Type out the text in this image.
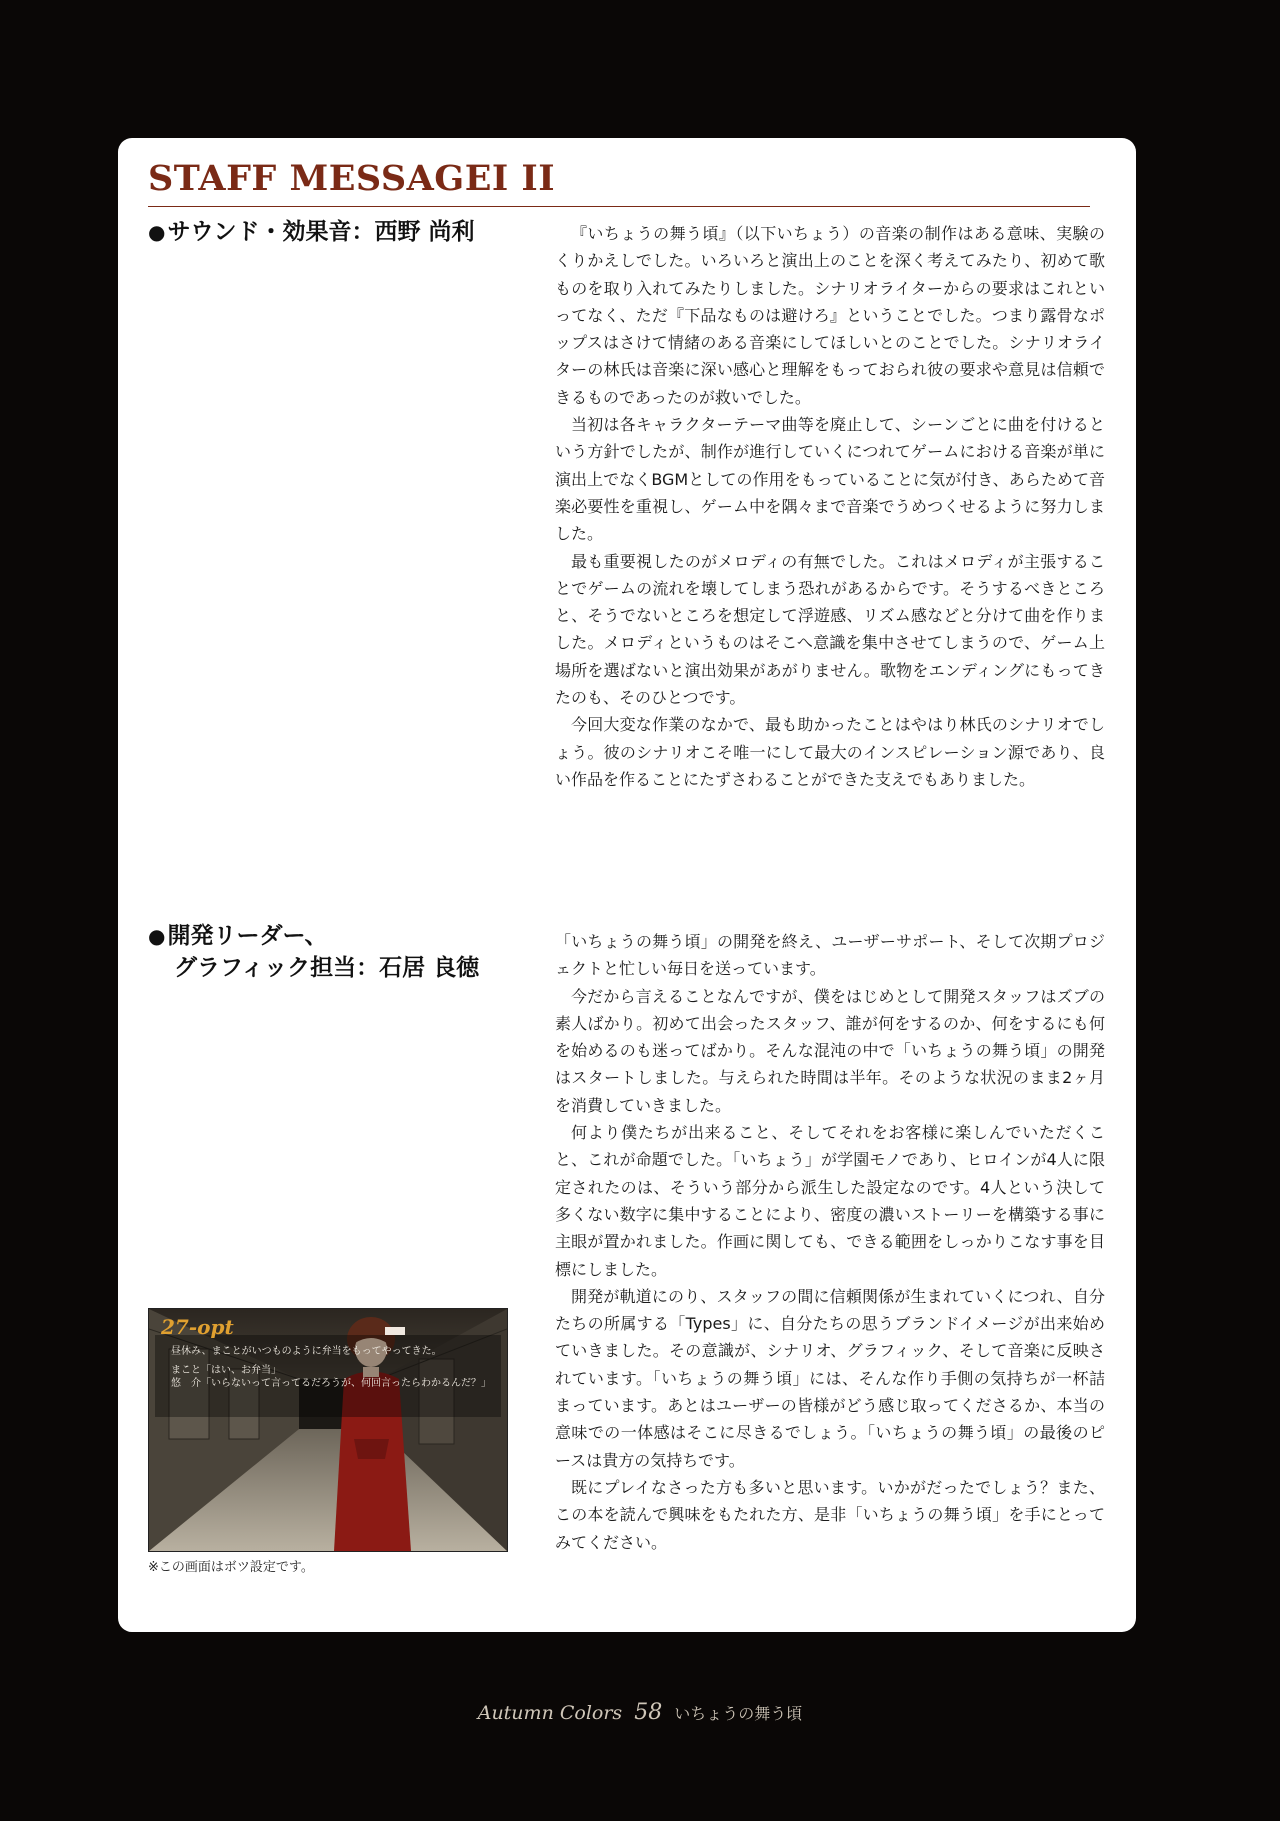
STAFF MESSAGEI II
●サウンド・効果音：西野 尚利	『いちょうの舞う頃』（以下いちょう）の音楽の制作はある意味、実験のくりかえしでした。いろいろと演出上のことを深く考えてみたり、初めて歌ものを取り入れてみたりしました。シナリオライターからの要求はこれといってなく、ただ『下品なものは避けろ』ということでした。つまり露骨なポップスはさけて情緒のある音楽にしてほしいとのことでした。シナリオライターの林氏は音楽に深い感心と理解をもっておられ彼の要求や意見は信頼できるものであったのが救いでした。

当初は各キャラクターテーマ曲等を廃止して、シーンごとに曲を付けるという方針でしたが、制作が進行していくにつれてゲームにおける音楽が単に演出上でなくBGMとしての作用をもっていることに気が付き、あらためて音楽必要性を重視し、ゲーム中を隅々まで音楽でうめつくせるように努力しました。

最も重要視したのがメロディの有無でした。これはメロディが主張することでゲームの流れを壊してしまう恐れがあるからです。そうするべきところと、そうでないところを想定して浮遊感、リズム感などと分けて曲を作りました。メロディというものはそこへ意識を集中させてしまうので、ゲーム上場所を選ばないと演出効果があがりません。歌物をエンディングにもってきたのも、そのひとつです。

今回大変な作業のなかで、最も助かったことはやはり林氏のシナリオでしょう。彼のシナリオこそ唯一にして最大のインスピレーション源であり、良い作品を作ることにたずさわることができた支えでもありました。

●開発リーダー、
グラフィック担当：石居 良徳

「いちょうの舞う頃」の開発を終え、ユーザーサポート、そして次期プロジェクトと忙しい毎日を送っています。

今だから言えることなんですが、僕をはじめとして開発スタッフはズブの素人ばかり。初めて出会ったスタッフ、誰が何をするのか、何をするにも何を始めるのも迷ってばかり。そんな混沌の中で「いちょうの舞う頃」の開発はスタートしました。与えられた時間は半年。そのような状況のまま2ヶ月を消費していきました。

何より僕たちが出来ること、そしてそれをお客様に楽しんでいただくこと、これが命題でした。「いちょう」が学園モノであり、ヒロインが4人に限定されたのは、そういう部分から派生した設定なのです。4人という決して多くない数字に集中することにより、密度の濃いストーリーを構築する事に主眼が置かれました。作画に関しても、できる範囲をしっかりこなす事を目標にしました。

開発が軌道にのり、スタッフの間に信頼関係が生まれていくにつれ、自分たちの所属する「Types」に、自分たちの思うブランドイメージが出来始めていきました。その意識が、シナリオ、グラフィック、そして音楽に反映されています。「いちょうの舞う頃」には、そんな作り手側の気持ちが一杯詰まっています。あとはユーザーの皆様がどう感じ取ってくださるか、本当の意味での一体感はそこに尽きるでしょう。「いちょうの舞う頃」の最後のピースは貴方の気持ちです。

既にプレイなさった方も多いと思います。いかがだったでしょう？また、この本を読んで興味をもたれた方、是非「いちょうの舞う頃」を手にとってみてください。

27-opt
昼休み、まことがいつものように弁当をもってやってきた。
まこと「はい、お弁当」
悠　介「いらないって言ってるだろうが、何回言ったらわかるんだ？」
※この画面はボツ設定です。
Autumn Colors 58 いちょうの舞う頃
